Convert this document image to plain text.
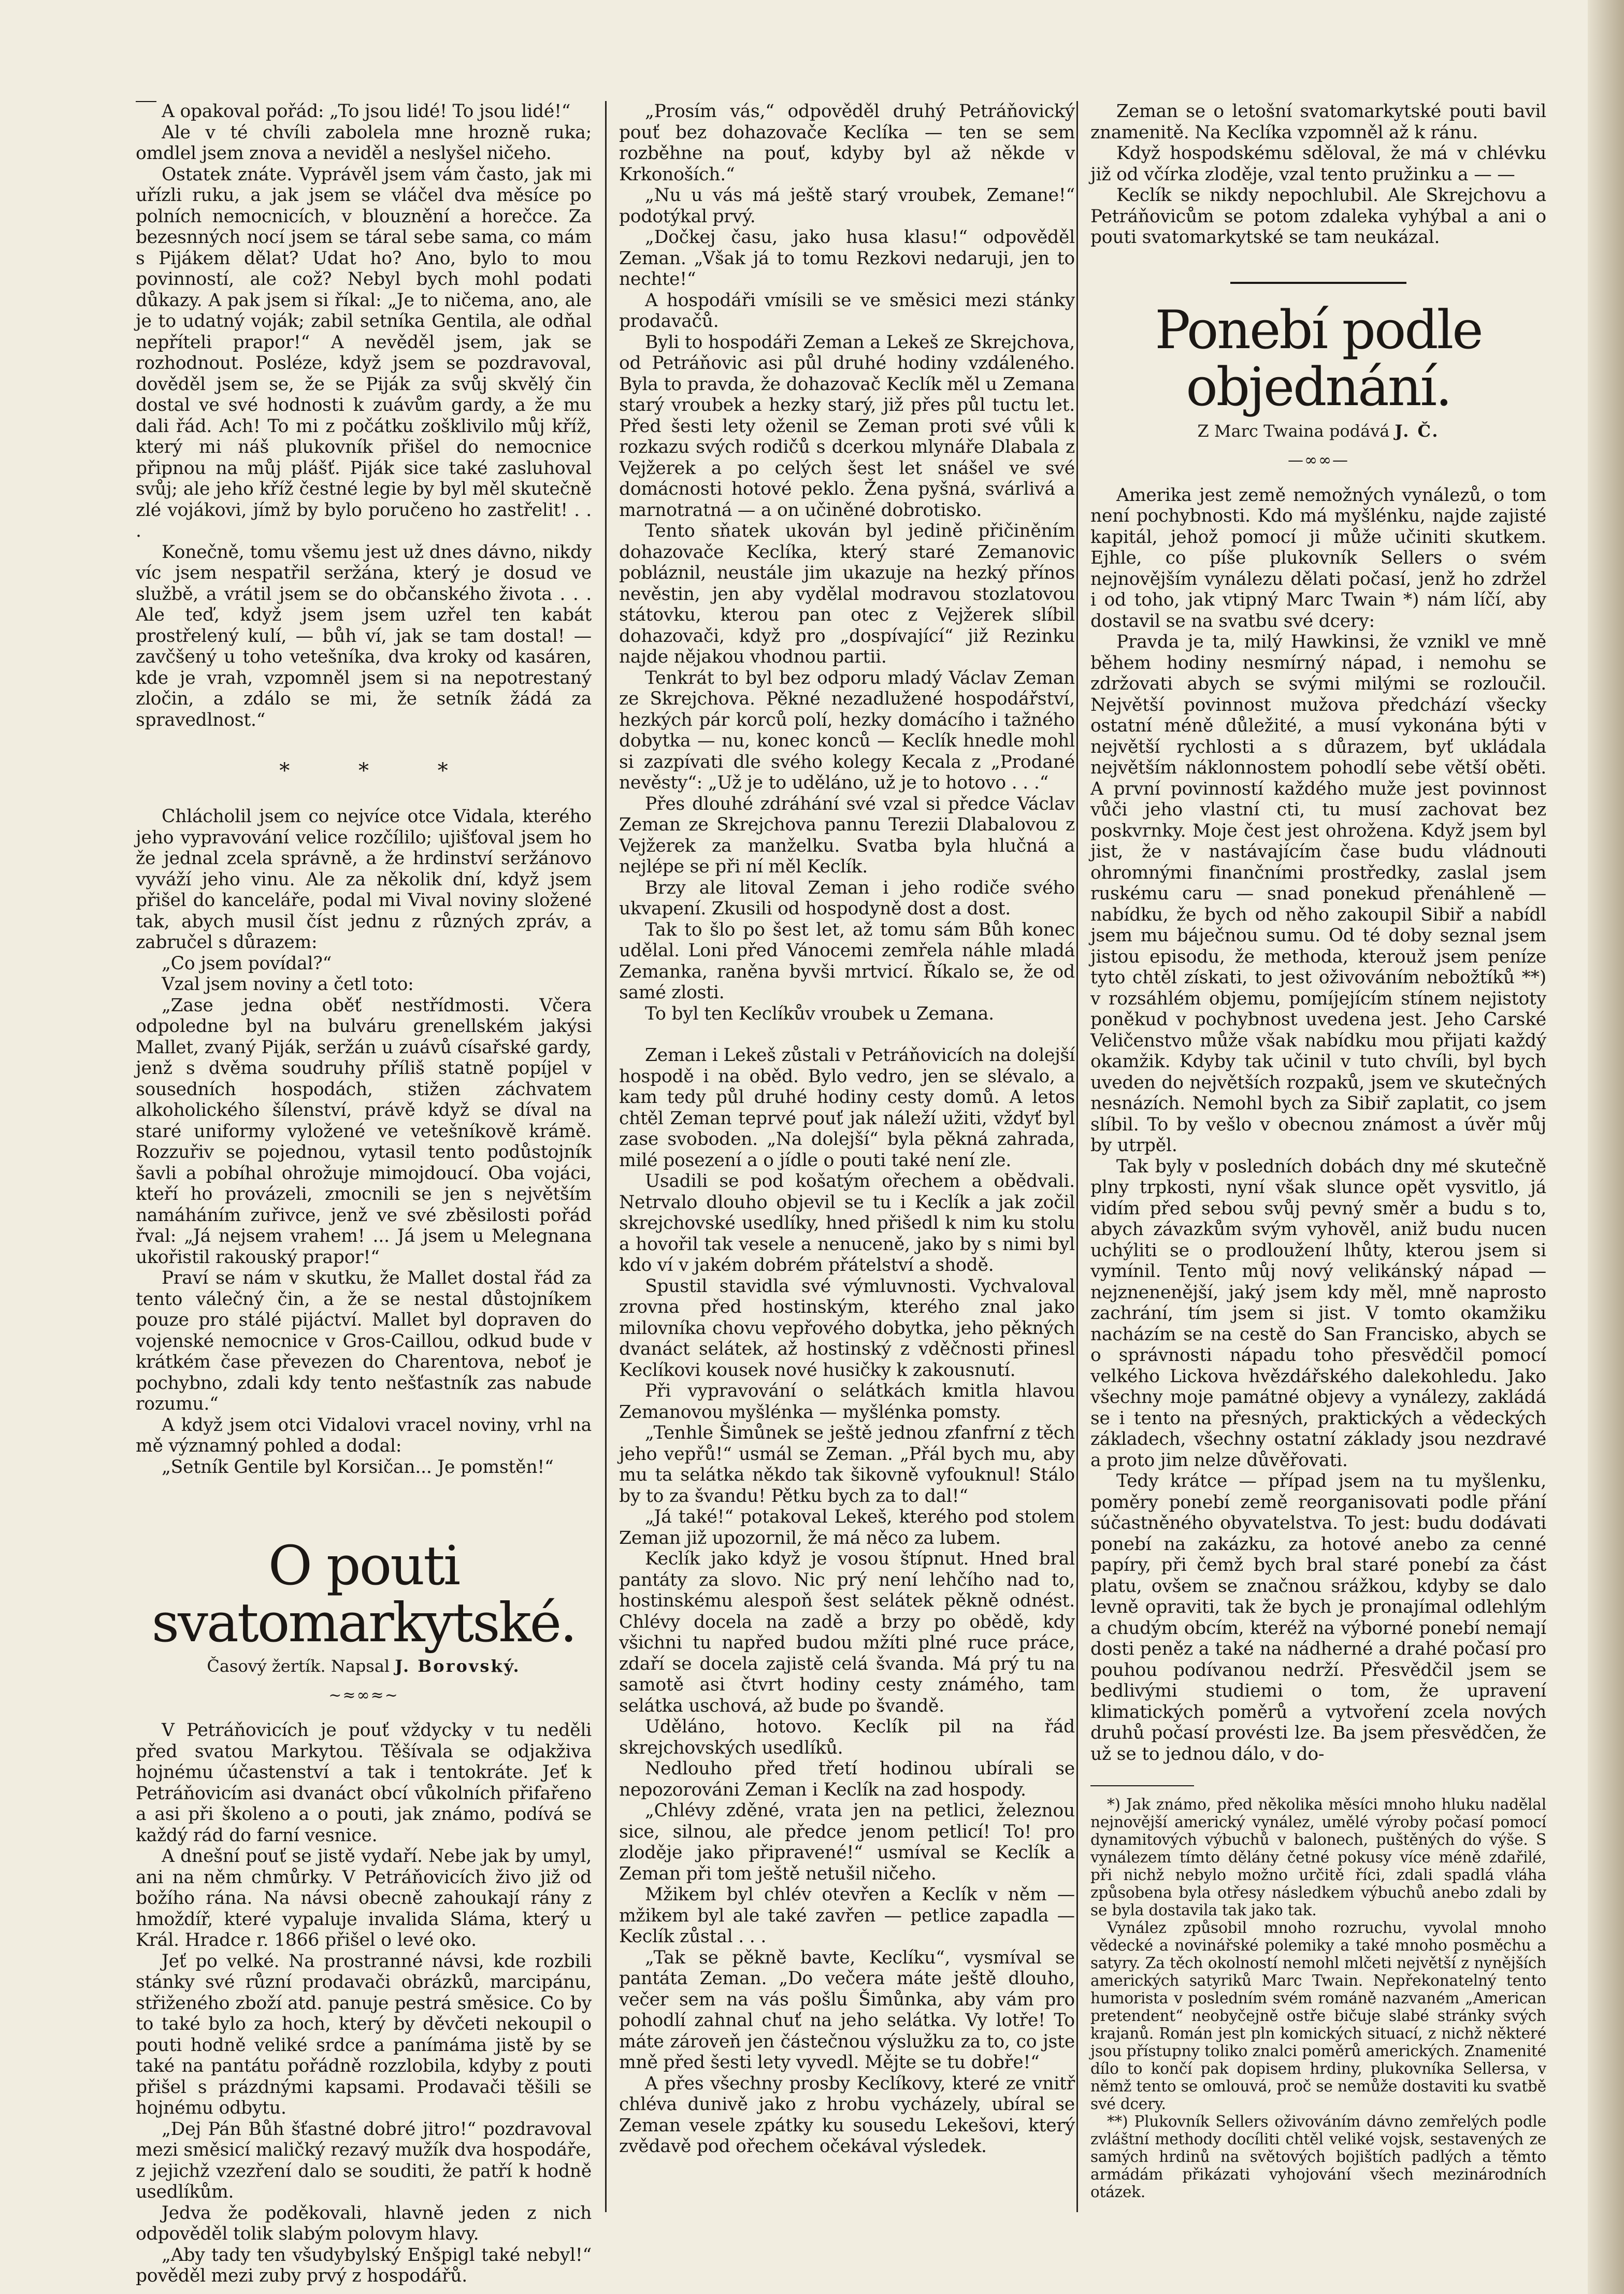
A opakoval pořád: „To jsou lidé! To jsou lidé!“

Ale v té chvíli zabolela mne hrozně ruka; omdlel jsem znova a neviděl a neslyšel ničeho.

Ostatek znáte. Vyprávěl jsem vám často, jak mi uřízli ruku, a jak jsem se vláčel dva měsíce po polních nemocnicích, v blouznění a horečce. Za bezesnných nocí jsem se táral sebe sama, co mám s Pijákem dělat? Udat ho? Ano, bylo to mou povinností, ale což? Nebyl bych mohl podati důkazy. A pak jsem si říkal: „Je to ničema, ano, ale je to udatný voják; zabil setníka Gentila, ale odňal nepříteli prapor!“ A nevěděl jsem, jak se rozhodnout. Posléze, když jsem se pozdravoval, dověděl jsem se, že se Piják za svůj skvělý čin dostal ve své hodnosti k zuávům gardy, a že mu dali řád. Ach! To mi z počátku zošklivilo můj kříž, který mi náš plukovník přišel do nemocnice připnou na můj plášť. Piják sice také zasluhoval svůj; ale jeho kříž čestné legie by byl měl skutečně zlé vojákovi, jímž by bylo poručeno ho zastřelit! . . .

Konečně, tomu všemu jest už dnes dávno, nikdy víc jsem nespatřil seržána, který je dosud ve službě, a vrátil jsem se do občanského života . . . Ale teď, když jsem jsem uzřel ten kabát prostřelený kulí, — bůh ví, jak se tam dostal! — zavčšený u toho vetešníka, dva kroky od kasáren, kde je vrah, vzpomněl jsem si na nepotrestaný zločin, a zdálo se mi, že setník žádá za spravedlnost.“

* * *

Chlácholil jsem co nejvíce otce Vidala, kterého jeho vypravování velice rozčílilo; ujišťoval jsem ho že jednal zcela správně, a že hrdinství seržánovo vyváží jeho vinu. Ale za několik dní, když jsem přišel do kanceláře, podal mi Vival noviny složené tak, abych musil číst jednu z různých zpráv, a zabručel s důrazem:

„Co jsem povídal?“

Vzal jsem noviny a četl toto:

„Zase jedna oběť nestřídmosti. Včera odpoledne byl na bulváru grenellském jakýsi Mallet, zvaný Piják, seržán u zuávů císařské gardy, jenž s dvěma soudruhy příliš statně popíjel v sousedních hospodách, stižen záchvatem alkoholického šílenství, právě když se díval na staré uniformy vyložené ve vetešníkově krámě. Rozzuřiv se pojednou, vytasil tento podůstojník šavli a pobíhal ohrožuje mimojdoucí. Oba vojáci, kteří ho provázeli, zmocnili se jen s největším namáháním zuřivce, jenž ve své zběsilosti pořád řval: „Já nejsem vrahem! ... Já jsem u Melegnana ukořistil rakouský prapor!“

Praví se nám v skutku, že Mallet dostal řád za tento válečný čin, a že se nestal důstojníkem pouze pro stálé pijáctví. Mallet byl dopraven do vojenské nemocnice v Gros-Caillou, odkud bude v krátkém čase převezen do Charentova, neboť je pochybno, zdali kdy tento nešťastník zas nabude rozumu.“

A když jsem otci Vidalovi vracel noviny, vrhl na mě významný pohled a dodal:

„Setník Gentile byl Korsičan... Je pomstěn!“

O pouti svatomarkytské.
Časový žertík. Napsal J. Borovský.
~≈∞≈~

V Petráňovicích je pouť vždycky v tu neděli před svatou Markytou. Těšívala se odjakživa hojnému účastenství a tak i tentokráte. Jeť k Petráňovicím asi dvanáct obcí vůkolních přifařeno a asi při školeno a o pouti, jak známo, podívá se každý rád do farní vesnice.

A dnešní pouť se jistě vydaří. Nebe jak by umyl, ani na něm chmůrky. V Petráňovicích živo již od božího rána. Na návsi obecně zahoukají rány z hmoždíř, které vypaluje invalida Sláma, který u Král. Hradce r. 1866 přišel o levé oko.

Jeť po velké. Na prostranné návsi, kde rozbili stánky své různí prodavači obrázků, marcipánu, střiženého zboží atd. panuje pestrá směsice. Co by to také bylo za hoch, který by děvčeti nekoupil o pouti hodně veliké srdce a panímáma jistě by se také na pantátu pořádně rozzlobila, kdyby z pouti přišel s prázdnými kapsami. Prodavači těšili se hojnému odbytu.

„Dej Pán Bůh šťastné dobré jitro!“ pozdravoval mezi směsicí maličký rezavý mužík dva hospodáře, z jejichž vzezření dalo se souditi, že patří k hodně usedlíkům.

Jedva že poděkovali, hlavně jeden z nich odpověděl tolik slabým polovym hlavy.

„Aby tady ten všudybylský Enšpigl také nebyl!“ pověděl mezi zuby prvý z hospodářů.

„Prosím vás,“ odpověděl druhý Petráňovický pouť bez dohazovače Keclíka — ten se sem rozběhne na pouť, kdyby byl až někde v Krkonoších.“

„Nu u vás má ještě starý vroubek, Zemane!“ podotýkal prvý.

„Dočkej času, jako husa klasu!“ odpověděl Zeman. „Však já to tomu Rezkovi nedaruji, jen to nechte!“

A hospodáři vmísili se ve směsici mezi stánky prodavačů.

Byli to hospodáři Zeman a Lekeš ze Skrejchova, od Petráňovic asi půl druhé hodiny vzdáleného. Byla to pravda, že dohazovač Keclík měl u Zemana starý vroubek a hezky starý, již přes půl tuctu let. Před šesti lety oženil se Zeman proti své vůli k rozkazu svých rodičů s dcerkou mlynáře Dlabala z Vejžerek a po celých šest let snášel ve své domácnosti hotové peklo. Žena pyšná, svárlivá a marnotratná — a on učiněné dobrotisko.

Tento sňatek ukován byl jedině přičiněním dohazovače Keclíka, který staré Zemanovic pobláznil, neustále jim ukazuje na hezký přínos nevěstin, jen aby vydělal modravou stozlatovou státovku, kterou pan otec z Vejžerek slíbil dohazovači, když pro „dospívající“ již Rezinku najde nějakou vhodnou partii.

Tenkrát to byl bez odporu mladý Václav Zeman ze Skrejchova. Pěkné nezadlužené hospodářství, hezkých pár korců polí, hezky domácího i tažného dobytka — nu, konec konců — Keclík hnedle mohl si zazpívati dle svého kolegy Kecala z „Prodané nevěsty“: „Už je to uděláno, už je to hotovo . . .“

Přes dlouhé zdráhání své vzal si předce Václav Zeman ze Skrejchova pannu Terezii Dlabalovou z Vejžerek za manželku. Svatba byla hlučná a nejlépe se při ní měl Keclík.

Brzy ale litoval Zeman i jeho rodiče svého ukvapení. Zkusili od hospodyně dost a dost.

Tak to šlo po šest let, až tomu sám Bůh konec udělal. Loni před Vánocemi zemřela náhle mladá Zemanka, raněna byvši mrtvicí. Říkalo se, že od samé zlosti.

To byl ten Keclíkův vroubek u Zemana.

Zeman i Lekeš zůstali v Petráňovicích na dolejší hospodě i na oběd. Bylo vedro, jen se slévalo, a kam tedy půl druhé hodiny cesty domů. A letos chtěl Zeman teprvé pouť jak náleží užiti, vždyť byl zase svoboden. „Na dolejší“ byla pěkná zahrada, milé posezení a o jídle o pouti také není zle.

Usadili se pod košatým ořechem a obědvali. Netrvalo dlouho objevil se tu i Keclík a jak zočil skrejchovské usedlíky, hned přišedl k nim ku stolu a hovořil tak vesele a nenuceně, jako by s nimi byl kdo ví v jakém dobrém přátelství a shodě.

Spustil stavidla své výmluvnosti. Vychvaloval zrovna před hostinským, kterého znal jako milovníka chovu vepřového dobytka, jeho pěkných dvanáct selátek, až hostinský z vděčnosti přinesl Keclíkovi kousek nové husičky k zakousnutí.

Při vypravování o selátkách kmitla hlavou Zemanovou myšlénka — myšlénka pomsty.

„Tenhle Šimůnek se ještě jednou zfanfrní z těch jeho vepřů!“ usmál se Zeman. „Přál bych mu, aby mu ta selátka někdo tak šikovně vyfouknul! Stálo by to za švandu! Pětku bych za to dal!“

„Já také!“ potakoval Lekeš, kterého pod stolem Zeman již upozornil, že má něco za lubem.

Keclík jako když je vosou štípnut. Hned bral pantáty za slovo. Nic prý není lehčího nad to, hostinskému alespoň šest selátek pěkně odnést. Chlévy docela na zadě a brzy po obědě, kdy všichni tu napřed budou mžíti plné ruce práce, zdaří se docela zajistě celá švanda. Má prý tu na samotě asi čtvrt hodiny cesty známého, tam selátka uschová, až bude po švandě.

Uděláno, hotovo. Keclík pil na řád skrejchovských usedlíků.

Nedlouho před třetí hodinou ubírali se nepozorováni Zeman i Keclík na zad hospody.

„Chlévy zděné, vrata jen na petlici, železnou sice, silnou, ale předce jenom petlicí! To! pro zloděje jako připravené!“ usmíval se Keclík a Zeman při tom ještě netušil ničeho.

Mžikem byl chlév otevřen a Keclík v něm — mžikem byl ale také zavřen — petlice zapadla — Keclík zůstal . . .

„Tak se pěkně bavte, Keclíku“, vysmíval se pantáta Zeman. „Do večera máte ještě dlouho, večer sem na vás pošlu Šimůnka, aby vám pro pohodlí zahnal chuť na jeho selátka. Vy lotře! To máte zároveň jen částečnou výslužku za to, co jste mně před šesti lety vyvedl. Mějte se tu dobře!“

A přes všechny prosby Keclíkovy, které ze vnitř chléva dunivě jako z hrobu vycházely, ubíral se Zeman vesele zpátky ku sousedu Lekešovi, který zvědavě pod ořechem očekával výsledek.

Zeman se o letošní svatomarkytské pouti bavil znamenitě. Na Keclíka vzpomněl až k ránu.

Když hospodskému sděloval, že má v chlévku již od včírka zloděje, vzal tento pružinku a — —

Keclík se nikdy nepochlubil. Ale Skrejchovu a Petráňovicům se potom zdaleka vyhýbal a ani o pouti svatomarkytské se tam neukázal.

Ponebí podle objednání.
Z Marc Twaina podává J. Č.
—∞∞—

Amerika jest země nemožných vynálezů, o tom není pochybnosti. Kdo má myšlénku, najde zajisté kapitál, jehož pomocí ji může učiniti skutkem. Ejhle, co píše plukovník Sellers o svém nejnovějším vynálezu dělati počasí, jenž ho zdržel i od toho, jak vtipný Marc Twain *) nám líčí, aby dostavil se na svatbu své dcery:

Pravda je ta, milý Hawkinsi, že vznikl ve mně během hodiny nesmírný nápad, i nemohu se zdržovati abych se svými milými se rozloučil. Největší povinnost mužova předchází všecky ostatní méně důležité, a musí vykonána býti v největší rychlosti a s důrazem, byť ukládala největším náklonnostem pohodlí sebe větší oběti. A první povinností každého muže jest povinnost vůči jeho vlastní cti, tu musí zachovat bez poskvrnky. Moje čest jest ohrožena. Když jsem byl jist, že v nastávajícím čase budu vládnouti ohromnými finančními prostředky, zaslal jsem ruskému caru — snad ponekud přenáhleně — nabídku, že bych od něho zakoupil Sibiř a nabídl jsem mu báječnou sumu. Od té doby seznal jsem jistou episodu, že methoda, kterouž jsem peníze tyto chtěl získati, to jest oživováním nebožtíků **) v rozsáhlém objemu, pomíjejícím stínem nejistoty poněkud v pochybnost uvedena jest. Jeho Carské Veličenstvo může však nabídku mou přijati každý okamžik. Kdyby tak učinil v tuto chvíli, byl bych uveden do největších rozpaků, jsem ve skutečných nesnázích. Nemohl bych za Sibiř zaplatit, co jsem slíbil. To by vešlo v obecnou známost a úvěr můj by utrpěl.

Tak byly v posledních dobách dny mé skutečně plny trpkosti, nyní však slunce opět vysvitlo, já vidím před sebou svůj pevný směr a budu s to, abych závazkům svým vyhověl, aniž budu nucen uchýliti se o prodloužení lhůty, kterou jsem si vymínil. Tento můj nový velikánský nápad — nejznenenější, jaký jsem kdy měl, mně naprosto zachrání, tím jsem si jist. V tomto okamžiku nacházím se na cestě do San Francisko, abych se o správnosti nápadu toho přesvědčil pomocí velkého Lickova hvězdářského dalekohledu. Jako všechny moje památné objevy a vynálezy, zakládá se i tento na přesných, praktických a vědeckých základech, všechny ostatní základy jsou nezdravé a proto jim nelze důvěřovati.

Tedy krátce — případ jsem na tu myšlenku, poměry ponebí země reorganisovati podle přání súčastněného obyvatelstva. To jest: budu dodávati ponebí na zakázku, za hotové anebo za cenné papíry, při čemž bych bral staré ponebí za část platu, ovšem se značnou srážkou, kdyby se dalo levně opraviti, tak že bych je pronajímal odlehlým a chudým obcím, kteréž na výborné ponebí nemají dosti peněz a také na nádherné a drahé počasí pro pouhou podívanou nedrží. Přesvědčil jsem se bedlivými studiemi o tom, že upravení klimatických poměrů a vytvoření zcela nových druhů počasí provésti lze. Ba jsem přesvědčen, že už se to jednou dálo, v do-

*) Jak známo, před několika měsíci mnoho hluku nadělal nejnovější americký vynález, umělé výroby počasí pomocí dynamitových výbuchů v balonech, puštěných do výše. S vynálezem tímto dělány četné pokusy více méně zdařilé, při nichž nebylo možno určitě říci, zdali spadlá vláha způsobena byla otřesy následkem výbuchů anebo zdali by se byla dostavila tak jako tak.

Vynález způsobil mnoho rozruchu, vyvolal mnoho vědecké a novinářské polemiky a také mnoho posměchu a satyry. Za těch okolností nemohl mlčeti největší z nynějších amerických satyriků Marc Twain. Nepřekonatelný tento humorista v posledním svém románě nazvaném „American pretendent“ neobyčejně ostře bičuje slabé stránky svých krajanů. Román jest pln komických situací, z nichž některé jsou přístupny toliko znalci poměrů amerických. Znamenité dílo to končí pak dopisem hrdiny, plukovníka Sellersa, v němž tento se omlouvá, proč se nemůže dostaviti ku svatbě své dcery.

**) Plukovník Sellers oživováním dávno zemřelých podle zvláštní methody docíliti chtěl veliké vojsk, sestavených ze samých hrdinů na světových bojištích padlých a těmto armádám přikázati vyhojování všech mezinárodních otázek.
